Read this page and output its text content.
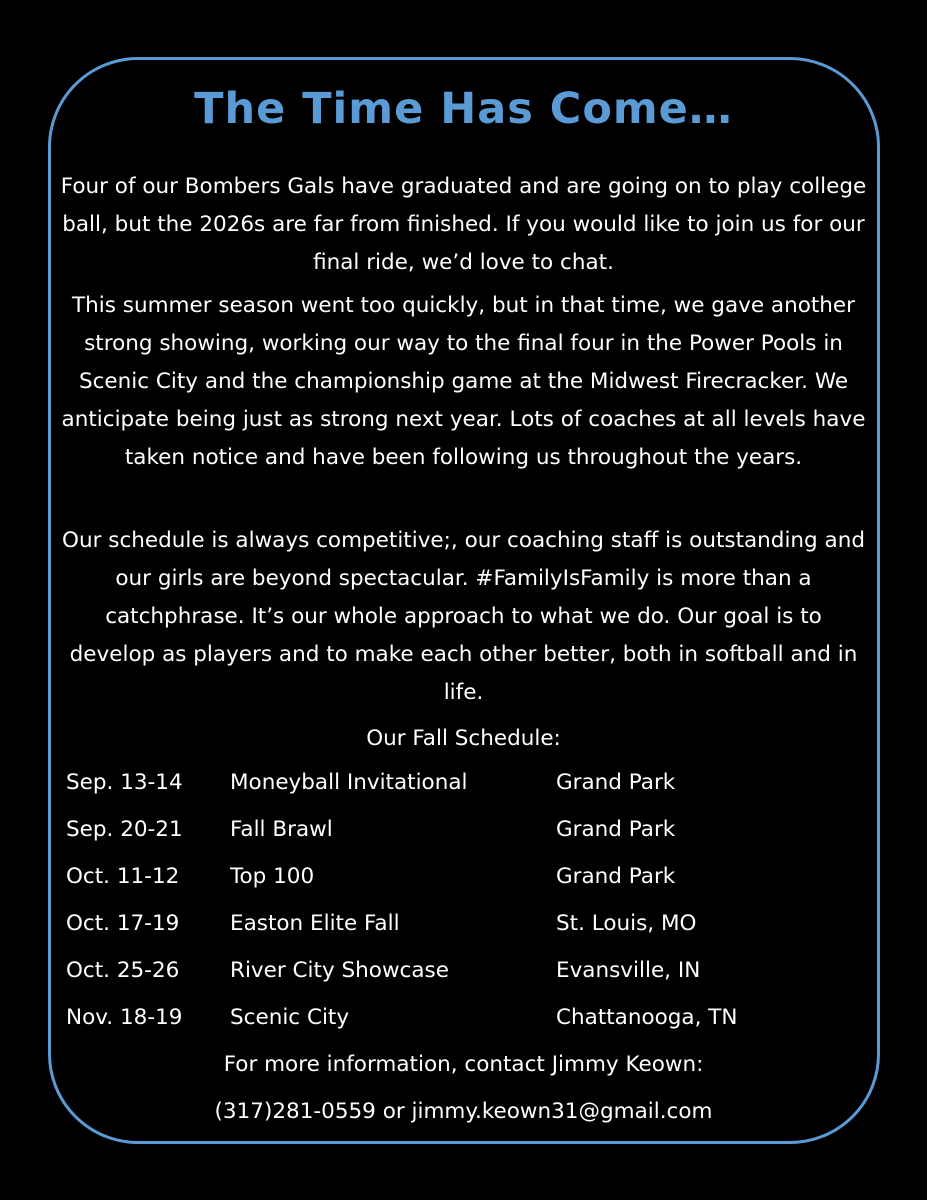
The Time Has Come…

Four of our Bombers Gals have graduated and are going on to play college ball, but the 2026s are far from finished. If you would like to join us for our final ride, we’d love to chat.

This summer season went too quickly, but in that time, we gave another strong showing, working our way to the final four in the Power Pools in Scenic City and the championship game at the Midwest Firecracker. We anticipate being just as strong next year. Lots of coaches at all levels have taken notice and have been following us throughout the years.

Our schedule is always competitive;, our coaching staff is outstanding and our girls are beyond spectacular. #FamilyIsFamily is more than a catchphrase. It’s our whole approach to what we do. Our goal is to develop as players and to make each other better, both in softball and in life.

Our Fall Schedule:
Sep. 13-14 Moneyball Invitational	Grand Park
Sep. 20-21 Fall Brawl	Grand Park
Oct. 11-12 Top 100	Grand Park
Oct. 17-19 Easton Elite Fall	St. Louis, MO
Oct. 25-26 River City Showcase	Evansville, IN
Nov. 18-19 Scenic City	Chattanooga, TN
For more information, contact Jimmy Keown:
(317)281-0559 or jimmy.keown31@gmail.com
